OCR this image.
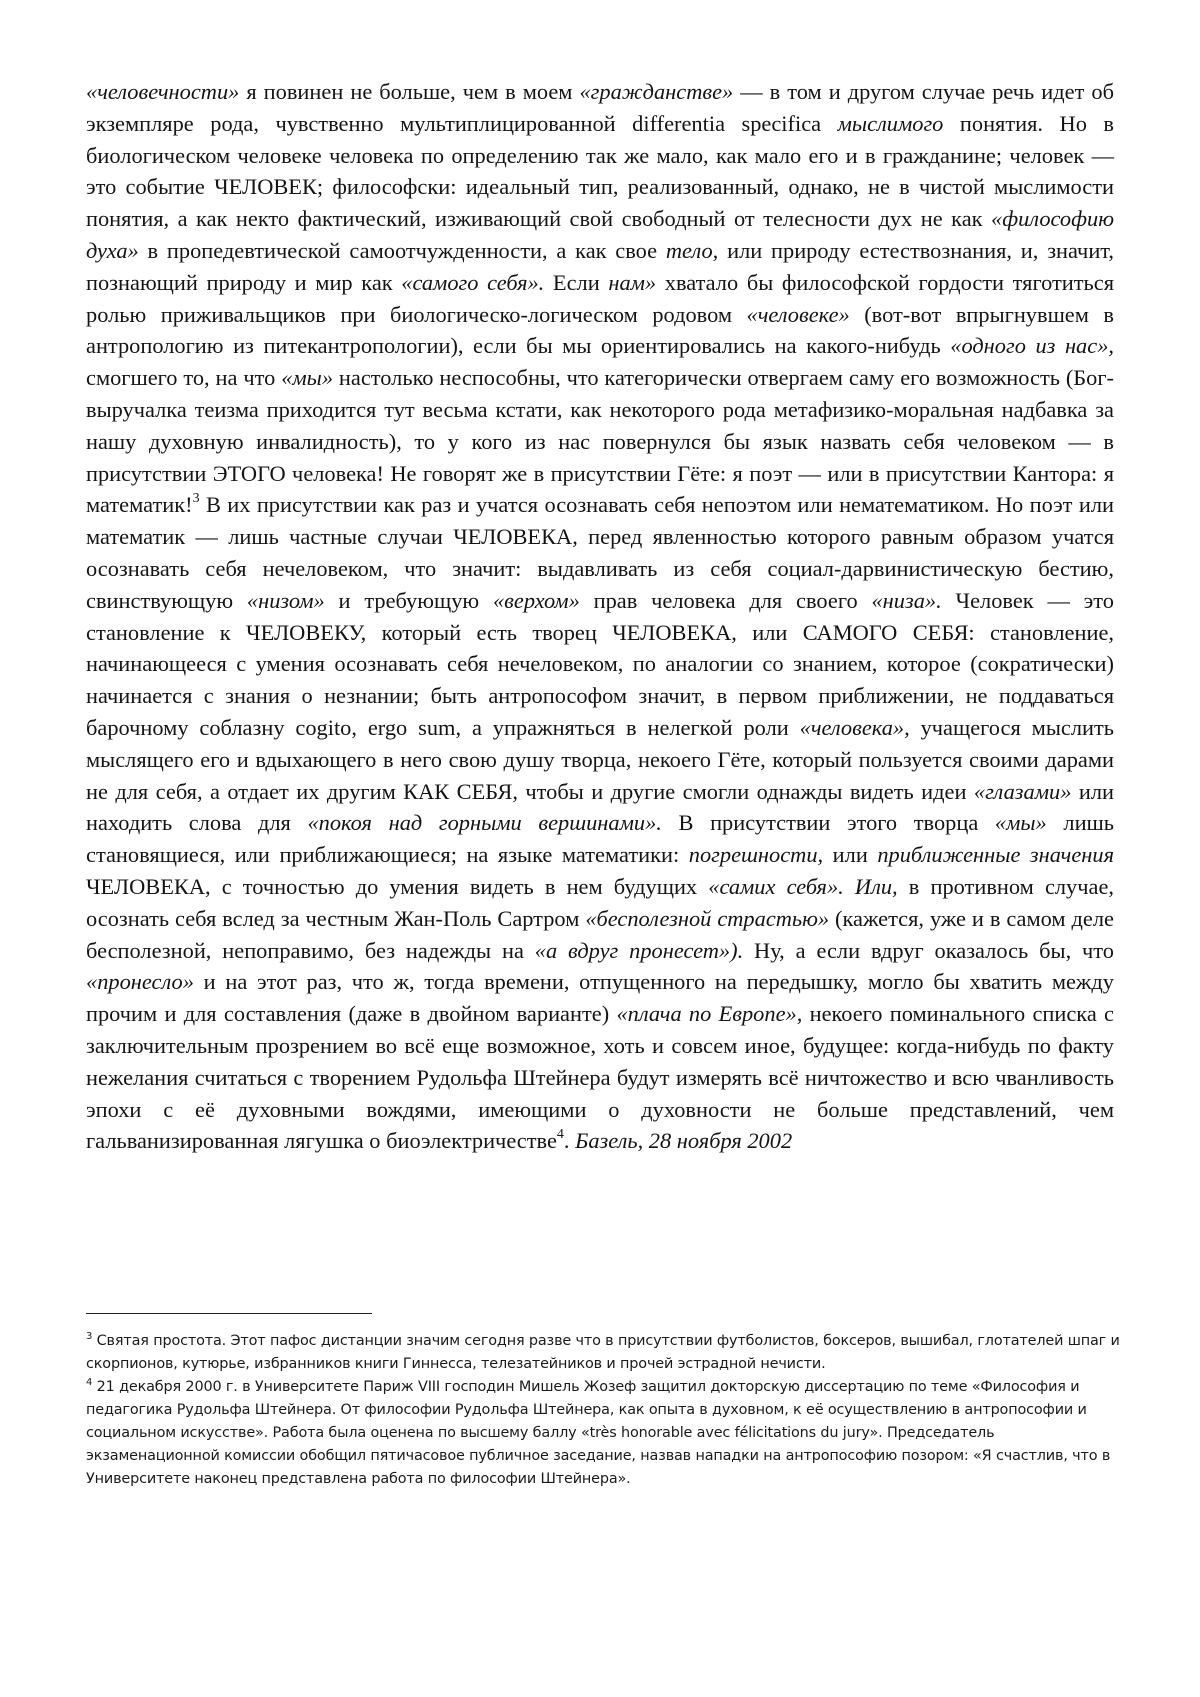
«человечности» я повинен не больше, чем в моем «гражданстве» — в том и другом случае речь идет об экземпляре рода, чувственно мультиплицированной differentia specifica мыслимого понятия. Но в биологическом человеке человека по определению так же мало, как мало его и в гражданине; человек — это событие ЧЕЛОВЕК; философски: идеальный тип, реализованный, однако, не в чистой мыслимости понятия, а как некто фактический, изживающий свой свободный от телесности дух не как «философию духа» в пропедевтической самоотчужденности, а как свое тело, или природу естествознания, и, значит, познающий природу и мир как «самого себя». Если нам» хватало бы философской гордости тяготиться ролью приживальщиков при биологическо-логическом родовом «человеке» (вот-вот впрыгнувшем в антропологию из питекантропологии), если бы мы ориентировались на какого-нибудь «одного из нас», смогшего то, на что «мы» настолько неспособны, что категорически отвергаем саму его возможность (Бог-выручалка теизма приходится тут весьма кстати, как некоторого рода метафизико-моральная надбавка за нашу духовную инвалидность), то у кого из нас повернулся бы язык назвать себя человеком — в присутствии ЭТОГО человека! Не говорят же в присутствии Гёте: я поэт — или в присутствии Кантора: я математик!$^3$ В их присутствии как раз и учатся осознавать себя непоэтом или нематематиком. Но поэт или математик — лишь частные случаи ЧЕЛОВЕКА, перед явленностью которого равным образом учатся осознавать себя нечеловеком, что значит: выдавливать из себя социал-дарвинистическую бестию, свинствующую «низом» и требующую «верхом» прав человека для своего «низа». Человек — это становление к ЧЕЛОВЕКУ, который есть творец ЧЕЛОВЕКА, или САМОГО СЕБЯ: становление, начинающееся с умения осознавать себя нечеловеком, по аналогии со знанием, которое (сократически) начинается с знания о незнании; быть антропософом значит, в первом приближении, не поддаваться барочному соблазну cogito, ergo sum, а упражняться в нелегкой роли «человека», учащегося мыслить мыслящего его и вдыхающего в него свою душу творца, некоего Гёте, который пользуется своими дарами не для себя, а отдает их другим КАК СЕБЯ, чтобы и другие смогли однажды видеть идеи «глазами» или находить слова для «покоя над горными вершинами». В присутствии этого творца «мы» лишь становящиеся, или приближающиеся; на языке математики: погрешности, или приближенные значения ЧЕЛОВЕКА, с точностью до умения видеть в нем будущих «самих себя». Или, в противном случае, осознать себя вслед за честным Жан-Поль Сартром «бесполезной страстью» (кажется, уже и в самом деле бесполезной, непоправимо, без надежды на «а вдруг пронесет»). Ну, а если вдруг оказалось бы, что «пронесло» и на этот раз, что ж, тогда времени, отпущенного на передышку, могло бы хватить между прочим и для составления (даже в двойном варианте) «плача по Европе», некоего поминального списка с заключительным прозрением во всё еще возможное, хоть и совсем иное, будущее: когда-нибудь по факту нежелания считаться с творением Рудольфа Штейнера будут измерять всё ничтожество и всю чванливость эпохи с её духовными вождями, имеющими о духовности не больше представлений, чем гальванизированная лягушка о биоэлектричестве$^4$. Базель, 28 ноября 2002

$^3$ Святая простота. Этот пафос дистанции значим сегодня разве что в присутствии футболистов, боксеров, вышибал, глотателей шпаг и скорпионов, кутюрье, избранников книги Гиннесса, телезатейников и прочей эстрадной нечисти.

$^4$ 21 декабря 2000 г. в Университете Париж VIII господин Мишель Жозеф защитил докторскую диссертацию по теме «Философия и педагогика Рудольфа Штейнера. От философии Рудольфа Штейнера, как опыта в духовном, к её осуществлению в антропософии и социальном искусстве». Работа была оценена по высшему баллу «très honorable avec félicitations du jury». Председатель экзаменационной комиссии обобщил пятичасовое публичное заседание, назвав нападки на антропософию позором: «Я счастлив, что в Университете наконец представлена работа по философии Штейнера».
